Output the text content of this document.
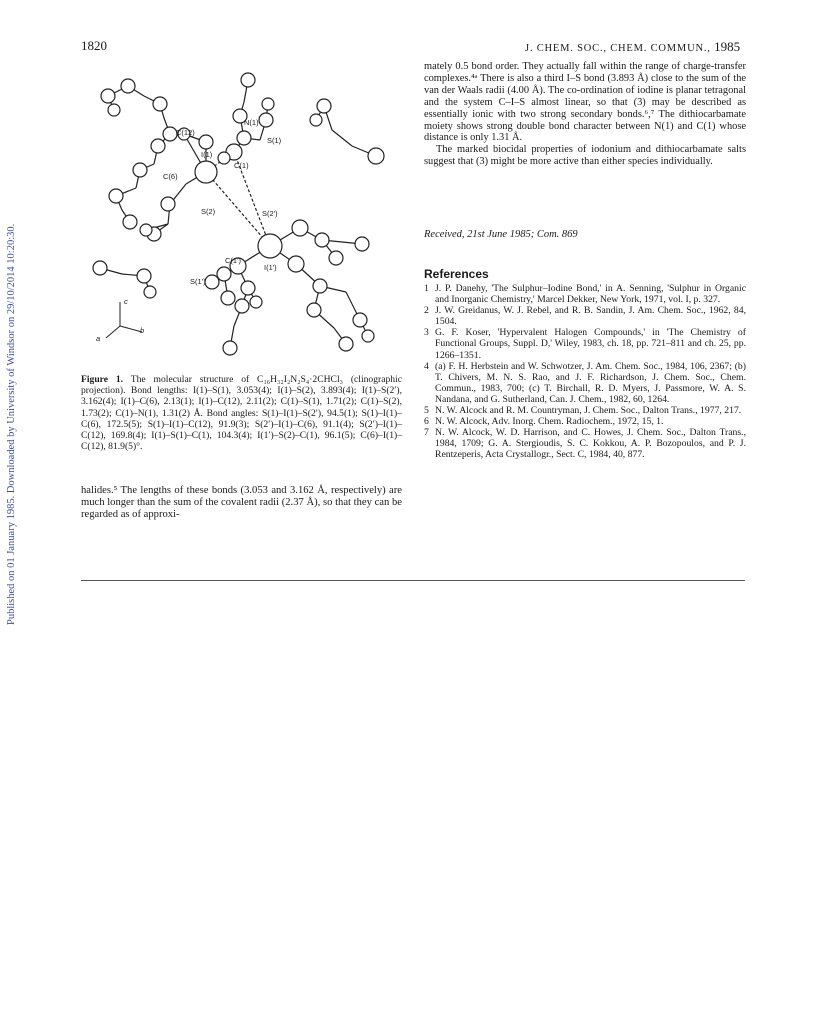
Published on 01 January 1985. Downloaded by University of Windsor on 29/10/2014 10:20:30.
1820	J. CHEM. SOC., CHEM. COMMUN., 1985
C(12)
N(1)
S(1)
I(1)
C(1)
C(6)
S(2)	S(2')
C(1')
I(1')
S(1')
c
a
b
Figure 1. The molecular structure of C₁₆H₃₂I₂N₂S₄·2CHCl₃ (clinographic projection). Bond lengths: I(1)–S(1), 3.053(4); I(1)–S(2), 3.893(4); I(1)–S(2′), 3.162(4); I(1)–C(6), 2.13(1); I(1)–C(12), 2.11(2); C(1)–S(1), 1.71(2); C(1)–S(2), 1.73(2); C(1)–N(1), 1.31(2) Å. Bond angles: S(1)–I(1)–S(2′), 94.5(1); S(1)–I(1)–C(6), 172.5(5); S(1)–I(1)–C(12), 91.9(3); S(2′)–I(1)–C(6), 91.1(4); S(2′)–I(1)–C(12), 169.8(4); I(1)–S(1)–C(1), 104.3(4); I(1′)–S(2)–C(1), 96.1(5); C(6)–I(1)–C(12), 81.9(5)°.

halides.⁵ The lengths of these bonds (3.053 and 3.162 Å, respectively) are much longer than the sum of the covalent radii (2.37 Å), so that they can be regarded as of approxi-

mately 0.5 bond order. They actually fall within the range of charge-transfer complexes.⁴ᵃ There is also a third I–S bond (3.893 Å) close to the sum of the van der Waals radii (4.00 Å). The co-ordination of iodine is planar tetragonal and the system C–I–S almost linear, so that (3) may be described as essentially ionic with two strong secondary bonds.⁶,⁷ The dithiocarbamate moiety shows strong double bond character between N(1) and C(1) whose distance is only 1.31 Å.

The marked biocidal properties of iodonium and dithiocarbamate salts suggest that (3) might be more active than either species individually.

Received, 21st June 1985; Com. 869
References
1 J. P. Danehy, 'The Sulphur–Iodine Bond,' in A. Senning, 'Sulphur in Organic and Inorganic Chemistry,' Marcel Dekker, New York, 1971, vol. I, p. 327.
2 J. W. Greidanus, W. J. Rebel, and R. B. Sandin, J. Am. Chem. Soc., 1962, 84, 1504.
3 G. F. Koser, 'Hypervalent Halogen Compounds,' in 'The Chemistry of Functional Groups, Suppl. D,' Wiley, 1983, ch. 18, pp. 721–811 and ch. 25, pp. 1266–1351.
4 (a) F. H. Herbstein and W. Schwotzer, J. Am. Chem. Soc., 1984, 106, 2367; (b) T. Chivers, M. N. S. Rao, and J. F. Richardson, J. Chem. Soc., Chem. Commun., 1983, 700; (c) T. Birchall, R. D. Myers, J. Passmore, W. A. S. Nandana, and G. Sutherland, Can. J. Chem., 1982, 60, 1264.
5 N. W. Alcock and R. M. Countryman, J. Chem. Soc., Dalton Trans., 1977, 217.
6 N. W. Alcock, Adv. Inorg. Chem. Radiochem., 1972, 15, 1.
7 N. W. Alcock, W. D. Harrison, and C. Howes, J. Chem. Soc., Dalton Trans., 1984, 1709; G. A. Stergioudis, S. C. Kokkou, A. P. Bozopoulos, and P. J. Rentzeperis, Acta Crystallogr., Sect. C, 1984, 40, 877.
